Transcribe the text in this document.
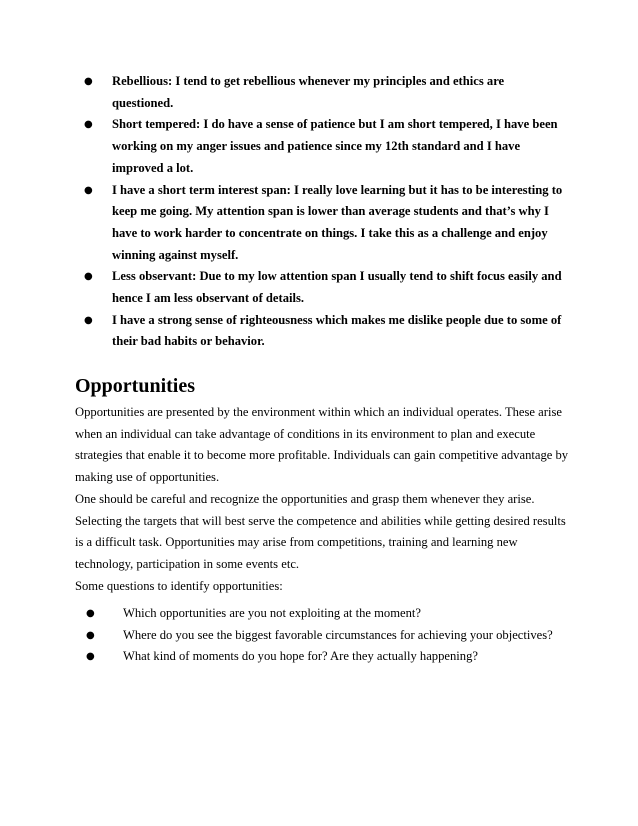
● Rebellious: I tend to get rebellious whenever my principles and ethics are questioned.
● Short tempered: I do have a sense of patience but I am short tempered, I have been working on my anger issues and patience since my 12th standard and I have improved a lot.
● I have a short term interest span: I really love learning but it has to be interesting to keep me going. My attention span is lower than average students and that’s why I have to work harder to concentrate on things. I take this as a challenge and enjoy winning against myself.
● Less observant: Due to my low attention span I usually tend to shift focus easily and hence I am less observant of details.
● I have a strong sense of righteousness which makes me dislike people due to some of their bad habits or behavior.
Opportunities

Opportunities are presented by the environment within which an individual operates. These arise when an individual can take advantage of conditions in its environment to plan and execute strategies that enable it to become more profitable. Individuals can gain competitive advantage by making use of opportunities.

One should be careful and recognize the opportunities and grasp them whenever they arise. Selecting the targets that will best serve the competence and abilities while getting desired results is a difficult task. Opportunities may arise from competitions, training and learning new technology, participation in some events etc.

Some questions to identify opportunities:

● Which opportunities are you not exploiting at the moment?
● Where do you see the biggest favorable circumstances for achieving your objectives?
● What kind of moments do you hope for? Are they actually happening?
